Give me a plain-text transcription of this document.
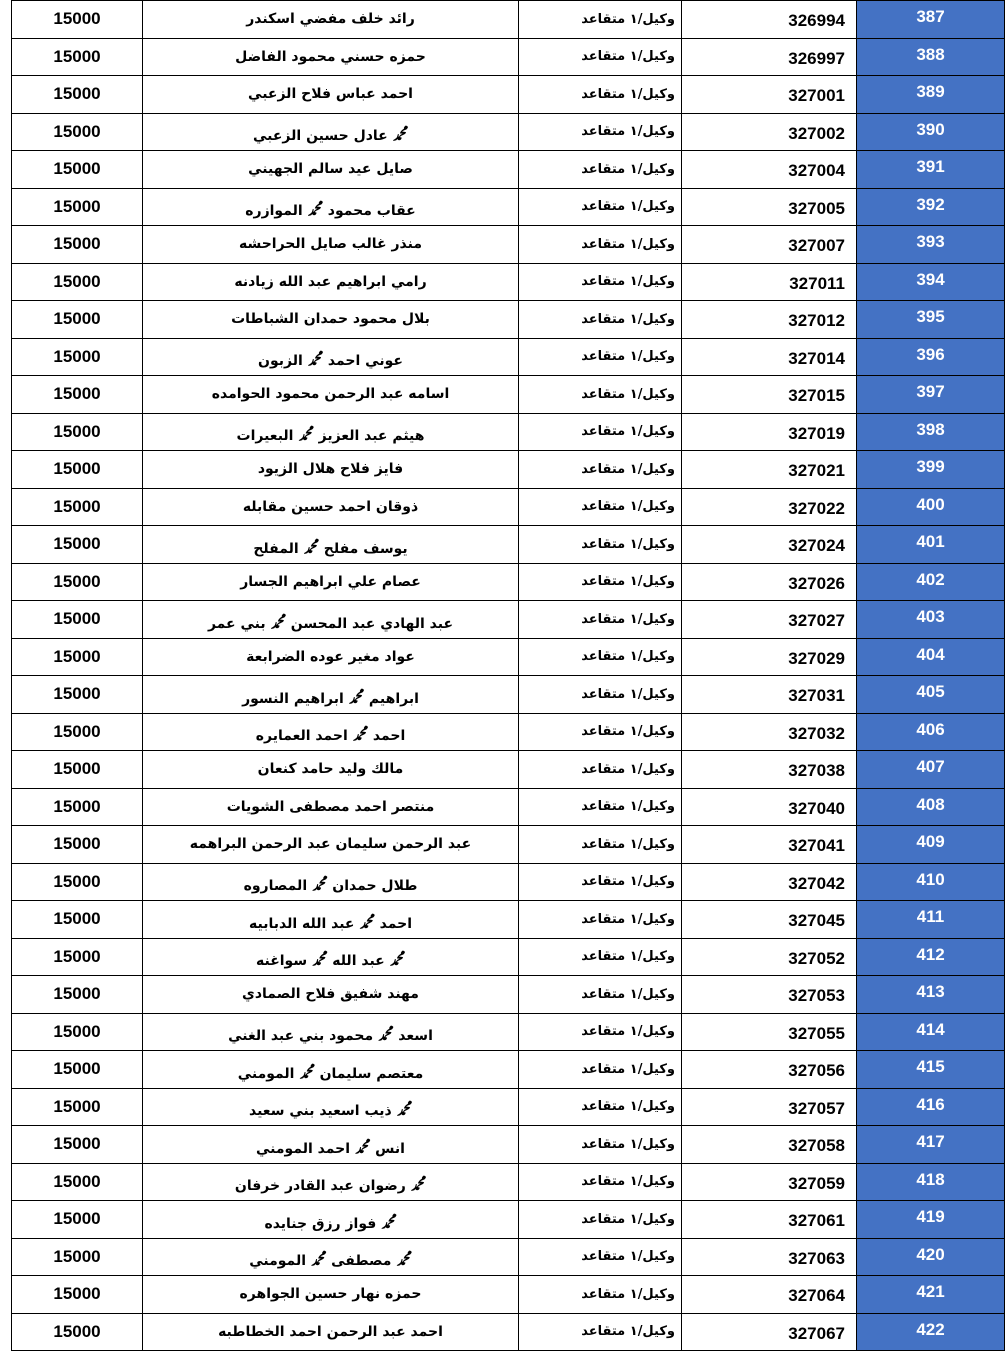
15000	رائد خلف مفضي اسكندر	وكيل/١ متقاعد	326994	387
15000	حمزه حسني محمود الفاضل	وكيل/١ متقاعد	326997	388
15000	احمد عباس فلاح الزعبي	وكيل/١ متقاعد	327001	389
15000	ﷴ عادل حسين الزعبي	وكيل/١ متقاعد	327002	390
15000	صايل عيد سالم الجهيني	وكيل/١ متقاعد	327004	391
15000	عقاب محمود ﷴ الموازره	وكيل/١ متقاعد	327005	392
15000	منذر غالب صايل الحراحشه	وكيل/١ متقاعد	327007	393
15000	رامي ابراهيم عبد الله زيادنه	وكيل/١ متقاعد	327011	394
15000	بلال محمود حمدان الشباطات	وكيل/١ متقاعد	327012	395
15000	عوني احمد ﷴ الزبون	وكيل/١ متقاعد	327014	396
15000	اسامه عبد الرحمن محمود الحوامده	وكيل/١ متقاعد	327015	397
15000	هيثم عبد العزيز ﷴ البعيرات	وكيل/١ متقاعد	327019	398
15000	فايز فلاح هلال الزيود	وكيل/١ متقاعد	327021	399
15000	ذوقان احمد حسين مقابله	وكيل/١ متقاعد	327022	400
15000	يوسف مفلح ﷴ المفلح	وكيل/١ متقاعد	327024	401
15000	عصام علي ابراهيم الجسار	وكيل/١ متقاعد	327026	402
15000	عبد الهادي عبد المحسن ﷴ بني عمر	وكيل/١ متقاعد	327027	403
15000	عواد مغير عوده الضرابعة	وكيل/١ متقاعد	327029	404
15000	ابراهيم ﷴ ابراهيم النسور	وكيل/١ متقاعد	327031	405
15000	احمد ﷴ احمد العمايره	وكيل/١ متقاعد	327032	406
15000	مالك وليد حامد كنعان	وكيل/١ متقاعد	327038	407
15000	منتصر احمد مصطفى الشويات	وكيل/١ متقاعد	327040	408
15000	عبد الرحمن سليمان عبد الرحمن البراهمه	وكيل/١ متقاعد	327041	409
15000	طلال حمدان ﷴ المصاروه	وكيل/١ متقاعد	327042	410
15000	احمد ﷴ عبد الله الدبابيه	وكيل/١ متقاعد	327045	411
15000	ﷴ عبد الله ﷴ سواغنه	وكيل/١ متقاعد	327052	412
15000	مهند شفيق فلاح الصمادي	وكيل/١ متقاعد	327053	413
15000	اسعد ﷴ محمود بني عبد الغني	وكيل/١ متقاعد	327055	414
15000	معتصم سليمان ﷴ المومني	وكيل/١ متقاعد	327056	415
15000	ﷴ ذيب اسعيد بني سعيد	وكيل/١ متقاعد	327057	416
15000	انس ﷴ احمد المومني	وكيل/١ متقاعد	327058	417
15000	ﷴ رضوان عبد القادر خرفان	وكيل/١ متقاعد	327059	418
15000	ﷴ فواز رزق جنايده	وكيل/١ متقاعد	327061	419
15000	ﷴ مصطفى ﷴ المومني	وكيل/١ متقاعد	327063	420
15000	حمزه نهار حسين الجواهره	وكيل/١ متقاعد	327064	421
15000	احمد عبد الرحمن احمد الخطاطبه	وكيل/١ متقاعد	327067	422
